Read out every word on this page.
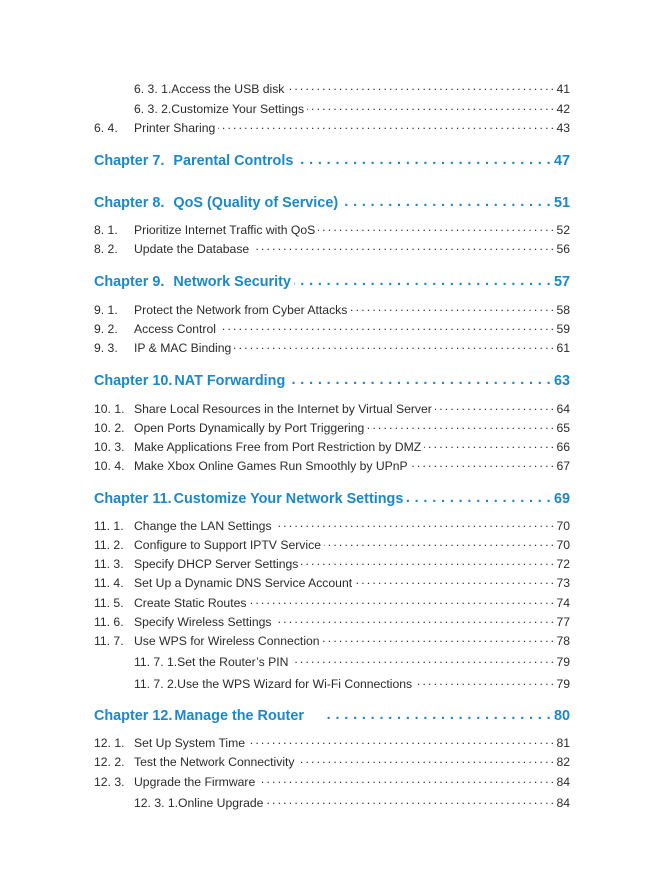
6. 3. 1.Access the USB disk . . .	41
6. 3. 2.Customize Your Settings . . .	42
6. 4.	Printer Sharing . . .	43
Chapter 7. Parental Controls . . .	47
Chapter 8. QoS (Quality of Service) . . .	51
8. 1.	Prioritize Internet Traffic with QoS . . .	52
8. 2.	Update the Database . . .	56
Chapter 9. Network Security . . .	57
9. 1.	Protect the Network from Cyber Attacks . . .	58
9. 2.	Access Control . . .	59
9. 3.	IP & MAC Binding . . .	61
Chapter 10. NAT Forwarding . . .	63
10. 1. Share Local Resources in the Internet by Virtual Server . . .	64
10. 2. Open Ports Dynamically by Port Triggering . . .	65
10. 3. Make Applications Free from Port Restriction by DMZ . . .	66
10. 4. Make Xbox Online Games Run Smoothly by UPnP . . .	67
Chapter 11. Customize Your Network Settings . . .	69
11. 1. Change the LAN Settings . . .	70
11. 2. Configure to Support IPTV Service . . .	70
11. 3. Specify DHCP Server Settings . . .	72
11. 4. Set Up a Dynamic DNS Service Account . . .	73
11. 5. Create Static Routes . . .	74
11. 6. Specify Wireless Settings . . .	77
11. 7. Use WPS for Wireless Connection . . .	78
11. 7. 1.Set the Router’s PIN . . .	79
11. 7. 2.Use the WPS Wizard for Wi-Fi Connections . . .	79
Chapter 12. Manage the Router . . .	80
12. 1. Set Up System Time . . .	81
12. 2. Test the Network Connectivity . . .	82
12. 3. Upgrade the Firmware . . .	84
12. 3. 1.Online Upgrade . . .	84
